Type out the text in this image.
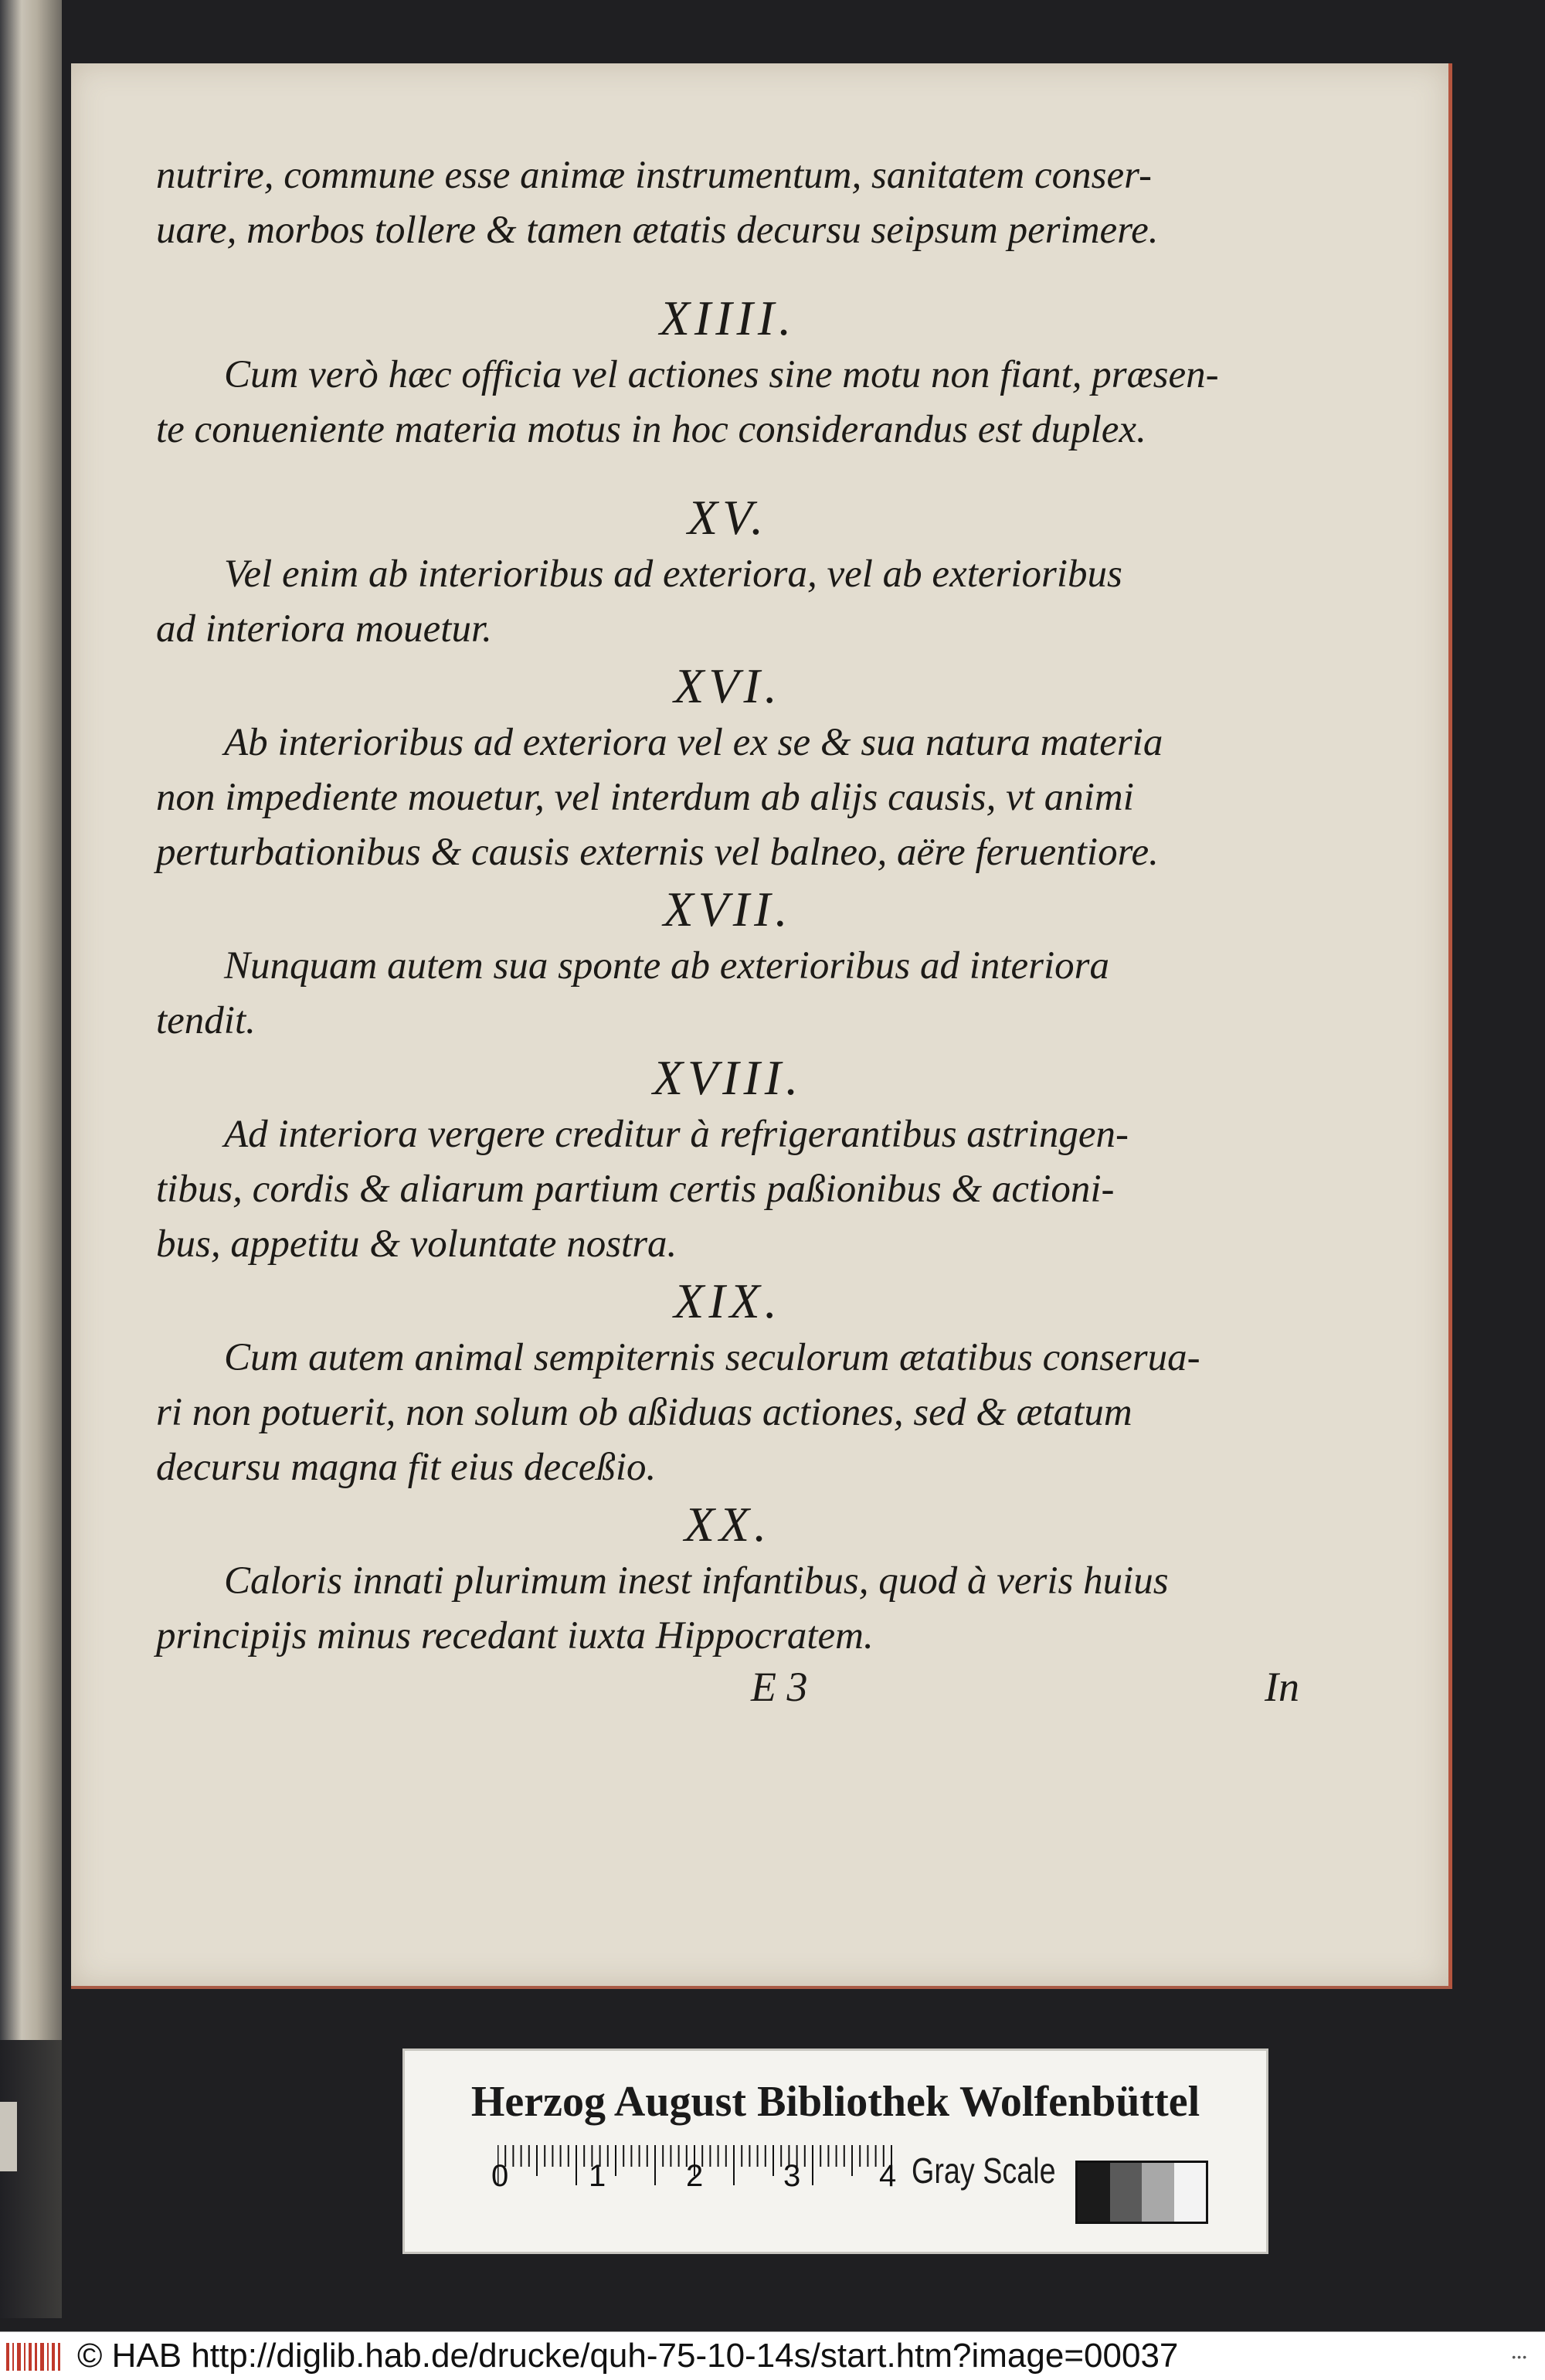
nutrire, commune esse animæ instrumentum, sanitatem conser-

uare, morbos tollere & tamen ætatis decursu seipsum perimere.

XIIII.

Cum verò hæc officia vel actiones sine motu non fiant, præsen-

te conueniente materia motus in hoc considerandus est duplex.

XV.

Vel enim ab interioribus ad exteriora, vel ab exterioribus

ad interiora mouetur.

XVI.

Ab interioribus ad exteriora vel ex se & sua natura materia

non impediente mouetur, vel interdum ab alijs causis, vt animi

perturbationibus & causis externis vel balneo, aëre feruentiore.

XVII.

Nunquam autem sua sponte ab exterioribus ad interiora

tendit.

XVIII.

Ad interiora vergere creditur à refrigerantibus astringen-

tibus, cordis & aliarum partium certis paßionibus & actioni-

bus, appetitu & voluntate nostra.

XIX.

Cum autem animal sempiternis seculorum ætatibus conserua-

ri non potuerit, non solum ob aßiduas actiones, sed & ætatum

decursu magna fit eius deceßio.

XX.

Caloris innati plurimum inest infantibus, quod à veris huius

principijs minus recedant iuxta Hippocratem.

E 3	In
Herzog August Bibliothek Wolfenbüttel
0	1	2	3	4 Gray Scale
© HAB http://diglib.hab.de/drucke/quh-75-10-14s/start.htm?image=00037	•••
